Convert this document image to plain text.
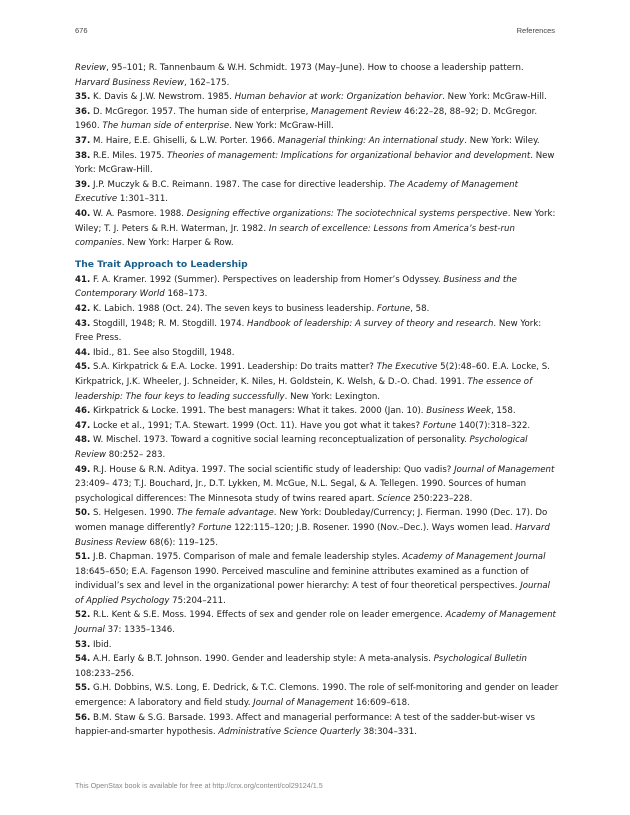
676	References

Review, 95–101; R. Tannenbaum & W.H. Schmidt. 1973 (May–June). How to choose a leadership pattern. Harvard Business Review, 162–175.

35. K. Davis & J.W. Newstrom. 1985. Human behavior at work: Organization behavior. New York: McGraw-Hill.

36. D. McGregor. 1957. The human side of enterprise, Management Review 46:22–28, 88–92; D. McGregor. 1960. The human side of enterprise. New York: McGraw-Hill.

37. M. Haire, E.E. Ghiselli, & L.W. Porter. 1966. Managerial thinking: An international study. New York: Wiley.

38. R.E. Miles. 1975. Theories of management: Implications for organizational behavior and development. New York: McGraw-Hill.

39. J.P. Muczyk & B.C. Reimann. 1987. The case for directive leadership. The Academy of Management Executive 1:301–311.

40. W. A. Pasmore. 1988. Designing effective organizations: The sociotechnical systems perspective. New York: Wiley; T. J. Peters & R.H. Waterman, Jr. 1982. In search of excellence: Lessons from America’s best-run companies. New York: Harper & Row.

The Trait Approach to Leadership

41. F. A. Kramer. 1992 (Summer). Perspectives on leadership from Homer’s Odyssey. Business and the Contemporary World 168–173.

42. K. Labich. 1988 (Oct. 24). The seven keys to business leadership. Fortune, 58.

43. Stogdill, 1948; R. M. Stogdill. 1974. Handbook of leadership: A survey of theory and research. New York: Free Press.

44. Ibid., 81. See also Stogdill, 1948.

45. S.A. Kirkpatrick & E.A. Locke. 1991. Leadership: Do traits matter? The Executive 5(2):48–60. E.A. Locke, S. Kirkpatrick, J.K. Wheeler, J. Schneider, K. Niles, H. Goldstein, K. Welsh, & D.-O. Chad. 1991. The essence of leadership: The four keys to leading successfully. New York: Lexington.

46. Kirkpatrick & Locke. 1991. The best managers: What it takes. 2000 (Jan. 10). Business Week, 158.

47. Locke et al., 1991; T.A. Stewart. 1999 (Oct. 11). Have you got what it takes? Fortune 140(7):318–322.

48. W. Mischel. 1973. Toward a cognitive social learning reconceptualization of personality. Psychological Review 80:252– 283.

49. R.J. House & R.N. Aditya. 1997. The social scientific study of leadership: Quo vadis? Journal of Management 23:409– 473; T.J. Bouchard, Jr., D.T. Lykken, M. McGue, N.L. Segal, & A. Tellegen. 1990. Sources of human psychological differences: The Minnesota study of twins reared apart. Science 250:223–228.

50. S. Helgesen. 1990. The female advantage. New York: Doubleday/Currency; J. Fierman. 1990 (Dec. 17). Do women manage differently? Fortune 122:115–120; J.B. Rosener. 1990 (Nov.–Dec.). Ways women lead. Harvard Business Review 68(6): 119–125.

51. J.B. Chapman. 1975. Comparison of male and female leadership styles. Academy of Management Journal 18:645–650; E.A. Fagenson 1990. Perceived masculine and feminine attributes examined as a function of individual’s sex and level in the organizational power hierarchy: A test of four theoretical perspectives. Journal of Applied Psychology 75:204–211.

52. R.L. Kent & S.E. Moss. 1994. Effects of sex and gender role on leader emergence. Academy of Management Journal 37: 1335–1346.

53. Ibid.

54. A.H. Early & B.T. Johnson. 1990. Gender and leadership style: A meta-analysis. Psychological Bulletin 108:233–256.

55. G.H. Dobbins, W.S. Long, E. Dedrick, & T.C. Clemons. 1990. The role of self-monitoring and gender on leader emergence: A laboratory and field study. Journal of Management 16:609–618.

56. B.M. Staw & S.G. Barsade. 1993. Affect and managerial performance: A test of the sadder-but-wiser vs happier-and-smarter hypothesis. Administrative Science Quarterly 38:304–331.

This OpenStax book is available for free at http://cnx.org/content/col29124/1.5
